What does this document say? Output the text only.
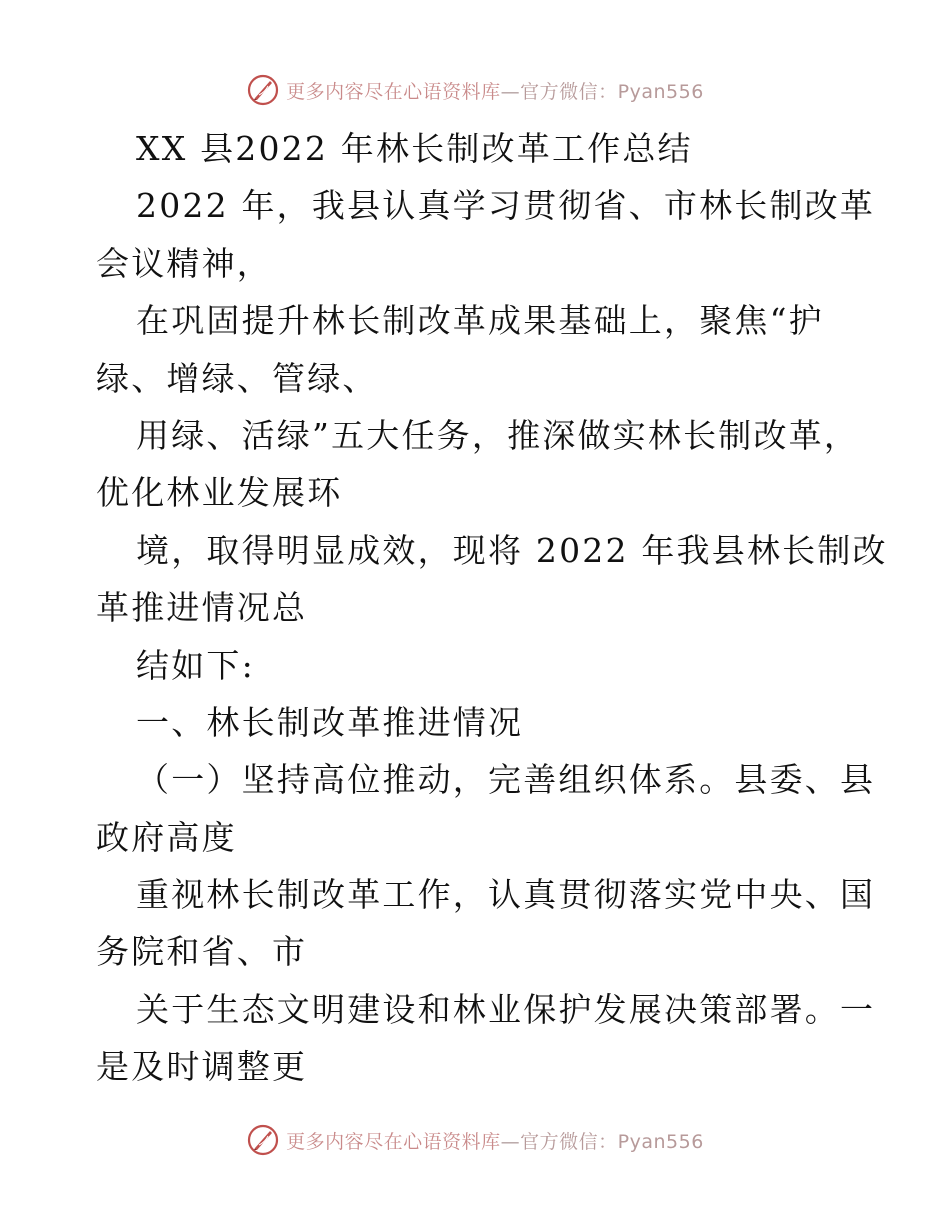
更多内容尽在心语资料库—官方微信：Pyan556
XX 县2022 年林长制改革工作总结
2022 年，我县认真学习贯彻省、市林长制改革
会议精神，
在巩固提升林长制改革成果基础上，聚焦“护
绿、增绿、管绿、
用绿、活绿”五大任务，推深做实林长制改革，
优化林业发展环
境，取得明显成效，现将 2022 年我县林长制改
革推进情况总
结如下:
一、林长制改革推进情况
（一）坚持高位推动，完善组织体系。县委、县
政府高度
重视林长制改革工作，认真贯彻落实党中央、国
务院和省、市
关于生态文明建设和林业保护发展决策部署。一
是及时调整更
更多内容尽在心语资料库—官方微信：Pyan556
